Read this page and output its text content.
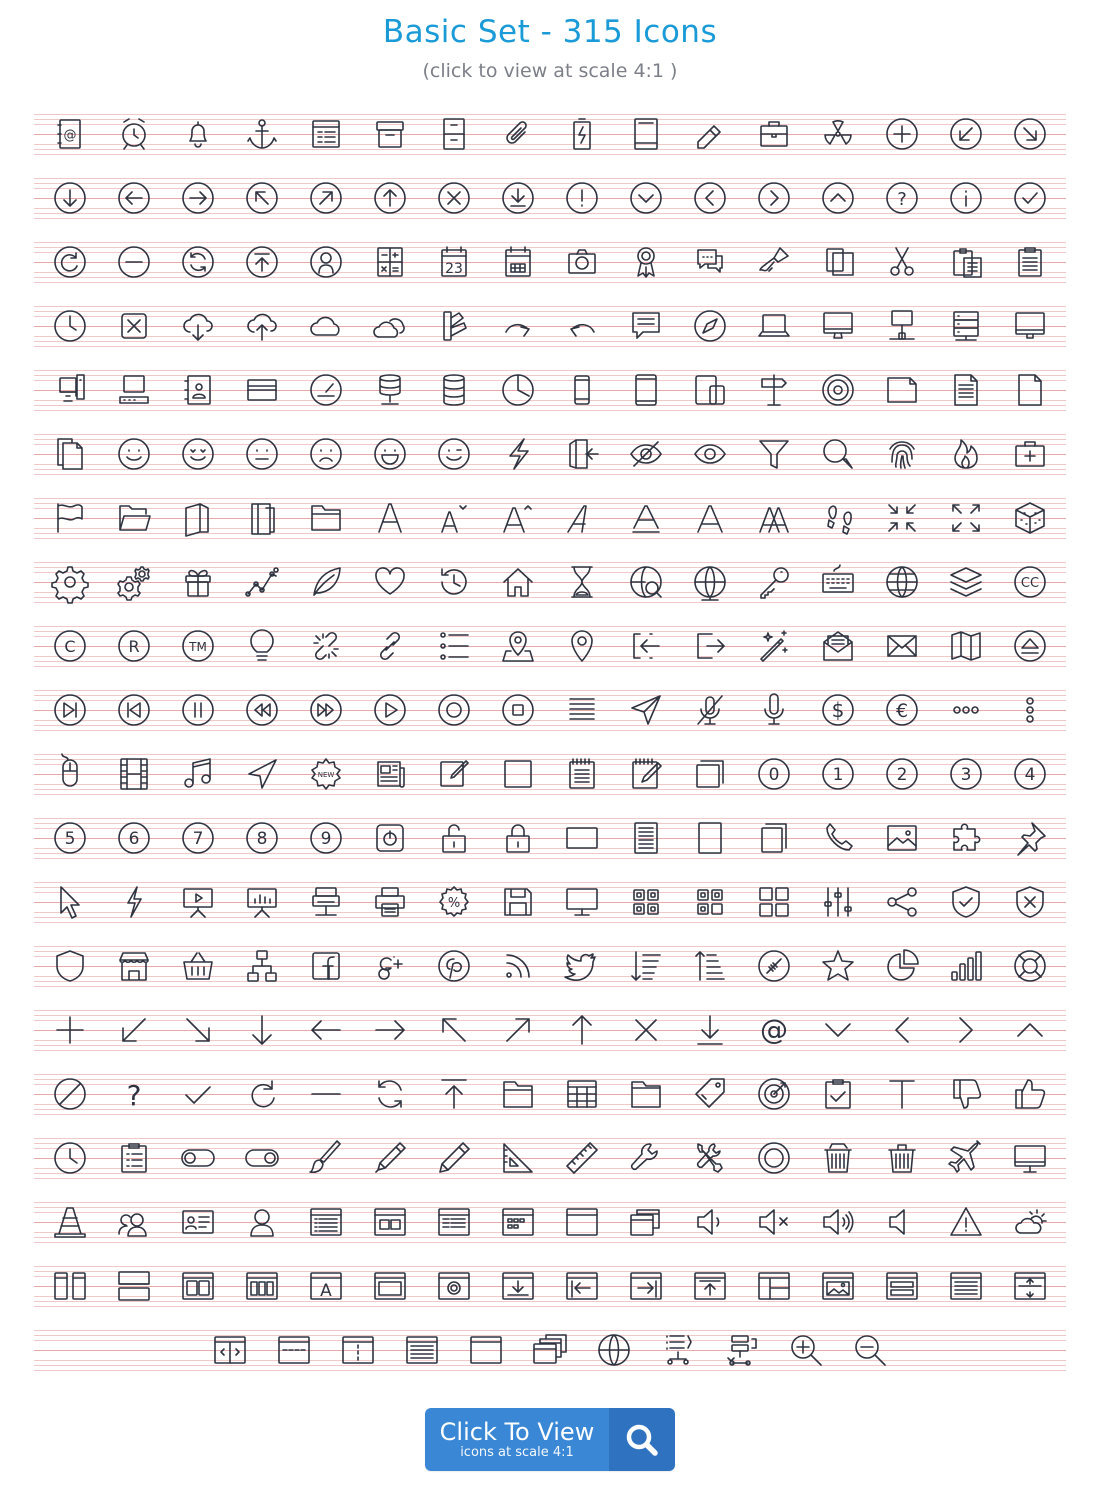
Basic Set - 315 Icons
(click to view at scale 4:1 )
@
?
23
CC
C	R	TM
$	€
NEW	0	1	2	3	4
5	6	7	8	9
%
@
?
A
Click To View
icons at scale 4:1
